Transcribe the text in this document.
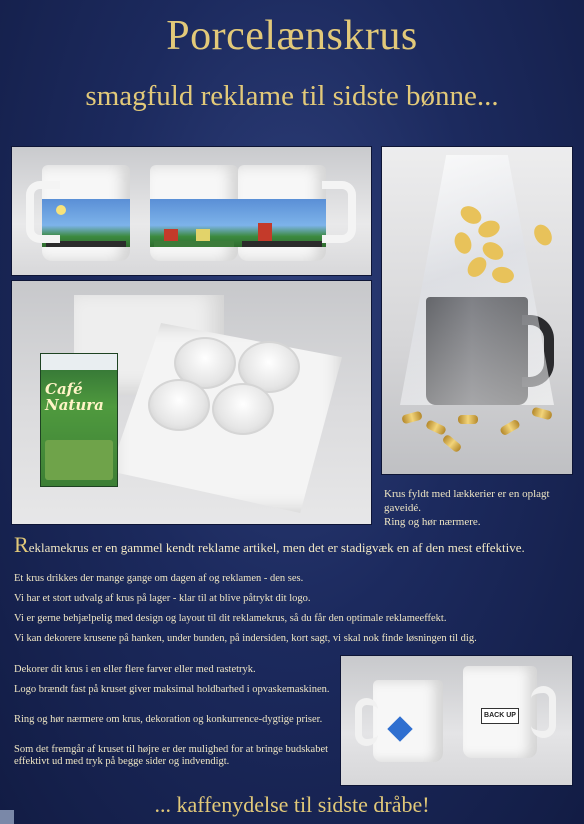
Porcelænskrus
smagfuld reklame til sidste bønne...
Krus fyldt med lækkerier er en oplagt gaveidé.
Ring og hør nærmere.
Café
Natura
Reklamekrus er en gammel kendt reklame artikel, men det er stadigvæk en af den mest effektive.
Et krus drikkes der mange gange om dagen af og reklamen - den ses.
Vi har et stort udvalg af krus på lager - klar til at blive påtrykt dit logo.
Vi er gerne behjælpelig med design og layout til dit reklamekrus, så du får den optimale reklameeffekt.
Vi kan dekorere krusene på hanken, under bunden, på indersiden, kort sagt, vi skal nok finde løsningen til dig.
Dekorer dit krus i en eller flere farver eller med rastetryk.
Logo brændt fast på kruset giver maksimal holdbarhed i opvaskemaskinen.
Ring og hør nærmere om krus, dekoration og konkurrence-dygtige priser.
Som det fremgår af kruset til højre er der mulighed for at bringe budskabet effektivt ud med tryk på begge sider og indvendigt.
BACK UP
... kaffenydelse til sidste dråbe!
